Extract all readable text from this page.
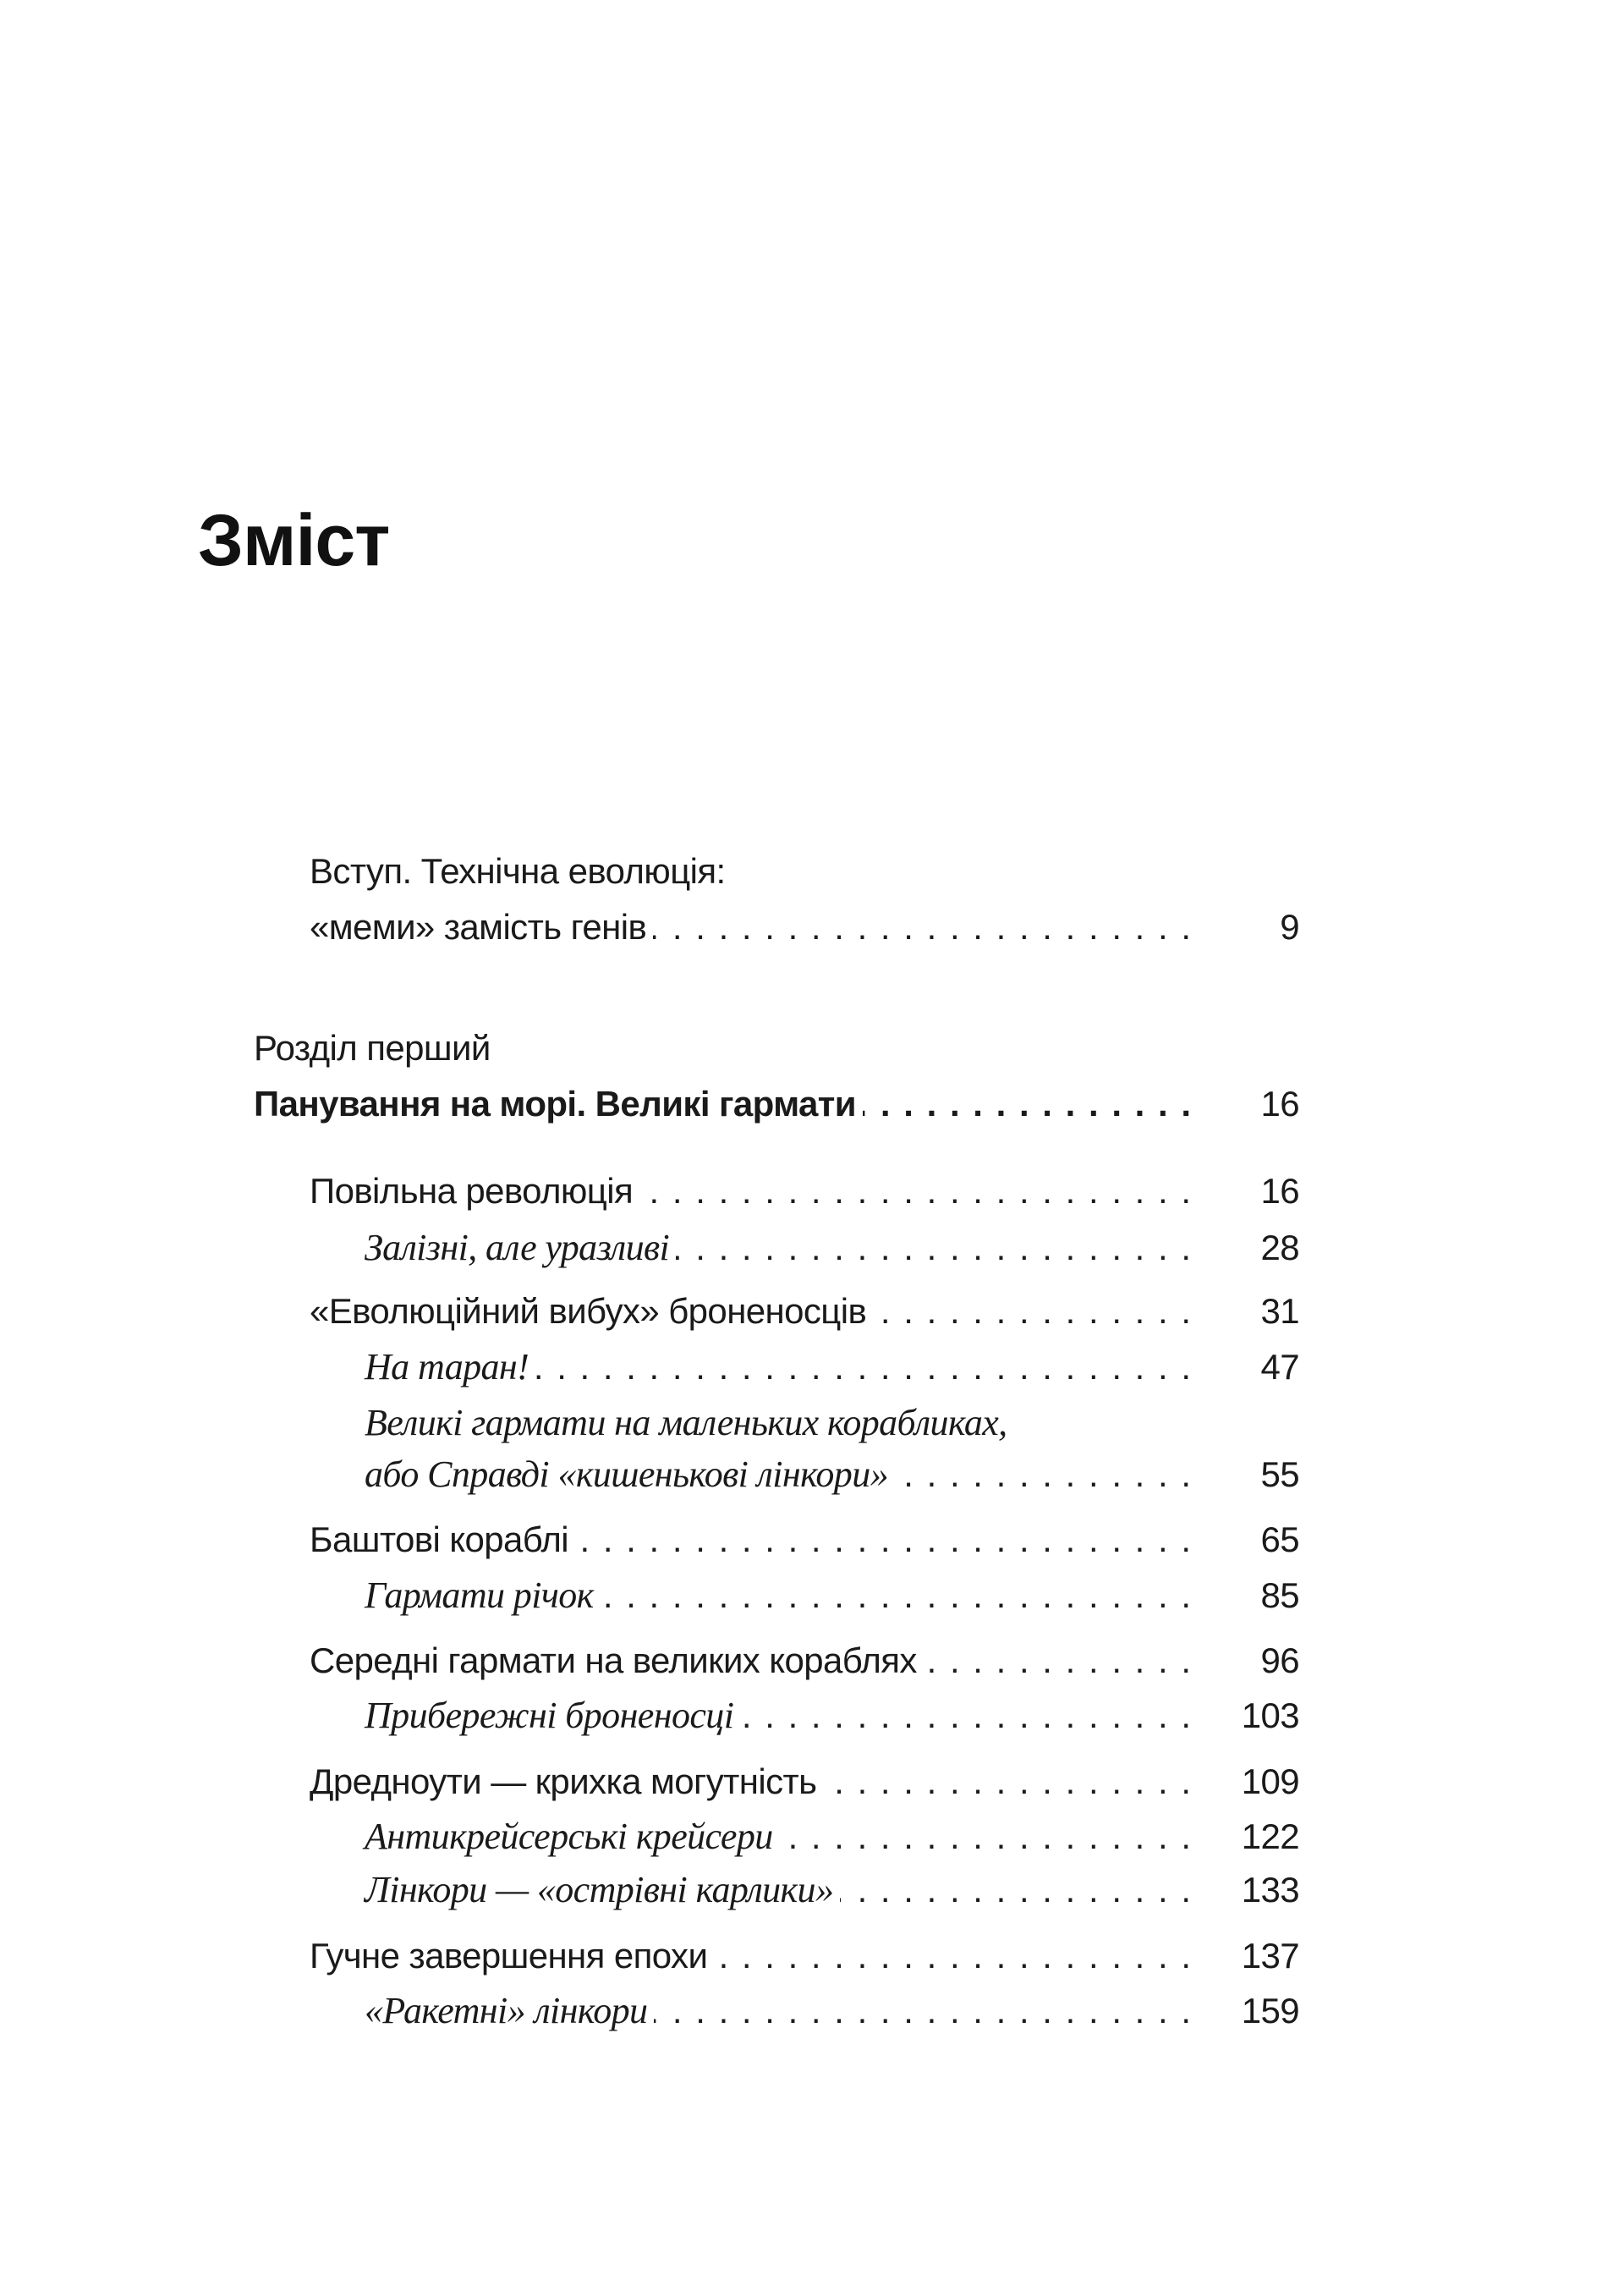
Зміст
Вступ. Технічна еволюція:
«меми» замість генів . . .	9
Розділ перший
Панування на морі. Великі гармати . . .	16
Повільна революція . . .	16
Залізні, але уразливі . . .	28
«Еволюційний вибух» броненосців . . .	31
На таран! . . .	47
Великі гармати на маленьких корабликах,
або Справді «кишенькові лінкори» . . .	55
Баштові кораблі . . .	65
Гармати річок . . .	85
Середні гармати на великих кораблях . . .	96
Прибережні броненосці . . .	103
Дредноути — крихка могутність . . .	109
Антикрейсерські крейсери . . .	122
Лінкори — «острівні карлики» . . .	133
Гучне завершення епохи . . .	137
«Ракетні» лінкори . . .	159
